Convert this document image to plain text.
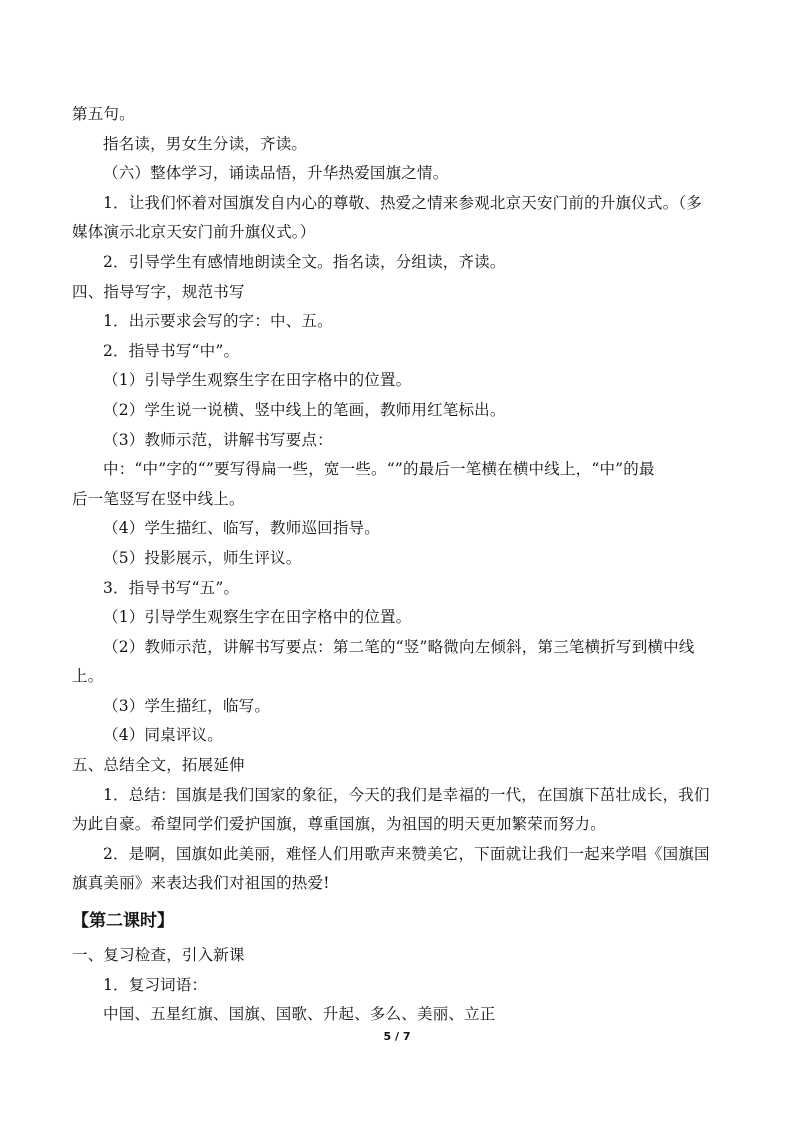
第五句。
指名读，男女生分读，齐读。
（六）整体学习，诵读品悟，升华热爱国旗之情。
1．让我们怀着对国旗发自内心的尊敬、热爱之情来参观北京天安门前的升旗仪式。（多
媒体演示北京天安门前升旗仪式。）
2．引导学生有感情地朗读全文。指名读，分组读，齐读。
四、指导写字，规范书写
1．出示要求会写的字：中、五。
2．指导书写“中”。
（1）引导学生观察生字在田字格中的位置。
（2）学生说一说横、竖中线上的笔画，教师用红笔标出。
（3）教师示范，讲解书写要点：
中：“中”字的“”要写得扁一些，宽一些。“”的最后一笔横在横中线上，“中”的最
后一笔竖写在竖中线上。
（4）学生描红、临写，教师巡回指导。
（5）投影展示，师生评议。
3．指导书写“五”。
（1）引导学生观察生字在田字格中的位置。
（2）教师示范，讲解书写要点：第二笔的“竖”略微向左倾斜，第三笔横折写到横中线
上。
（3）学生描红，临写。
（4）同桌评议。
五、总结全文，拓展延伸
1．总结：国旗是我们国家的象征，今天的我们是幸福的一代，在国旗下茁壮成长，我们
为此自豪。希望同学们爱护国旗，尊重国旗，为祖国的明天更加繁荣而努力。
2．是啊，国旗如此美丽，难怪人们用歌声来赞美它，下面就让我们一起来学唱《国旗国
旗真美丽》来表达我们对祖国的热爱!
【第二课时】
一、复习检查，引入新课
1．复习词语：
中国、五星红旗、国旗、国歌、升起、多么、美丽、立正
5 / 7
